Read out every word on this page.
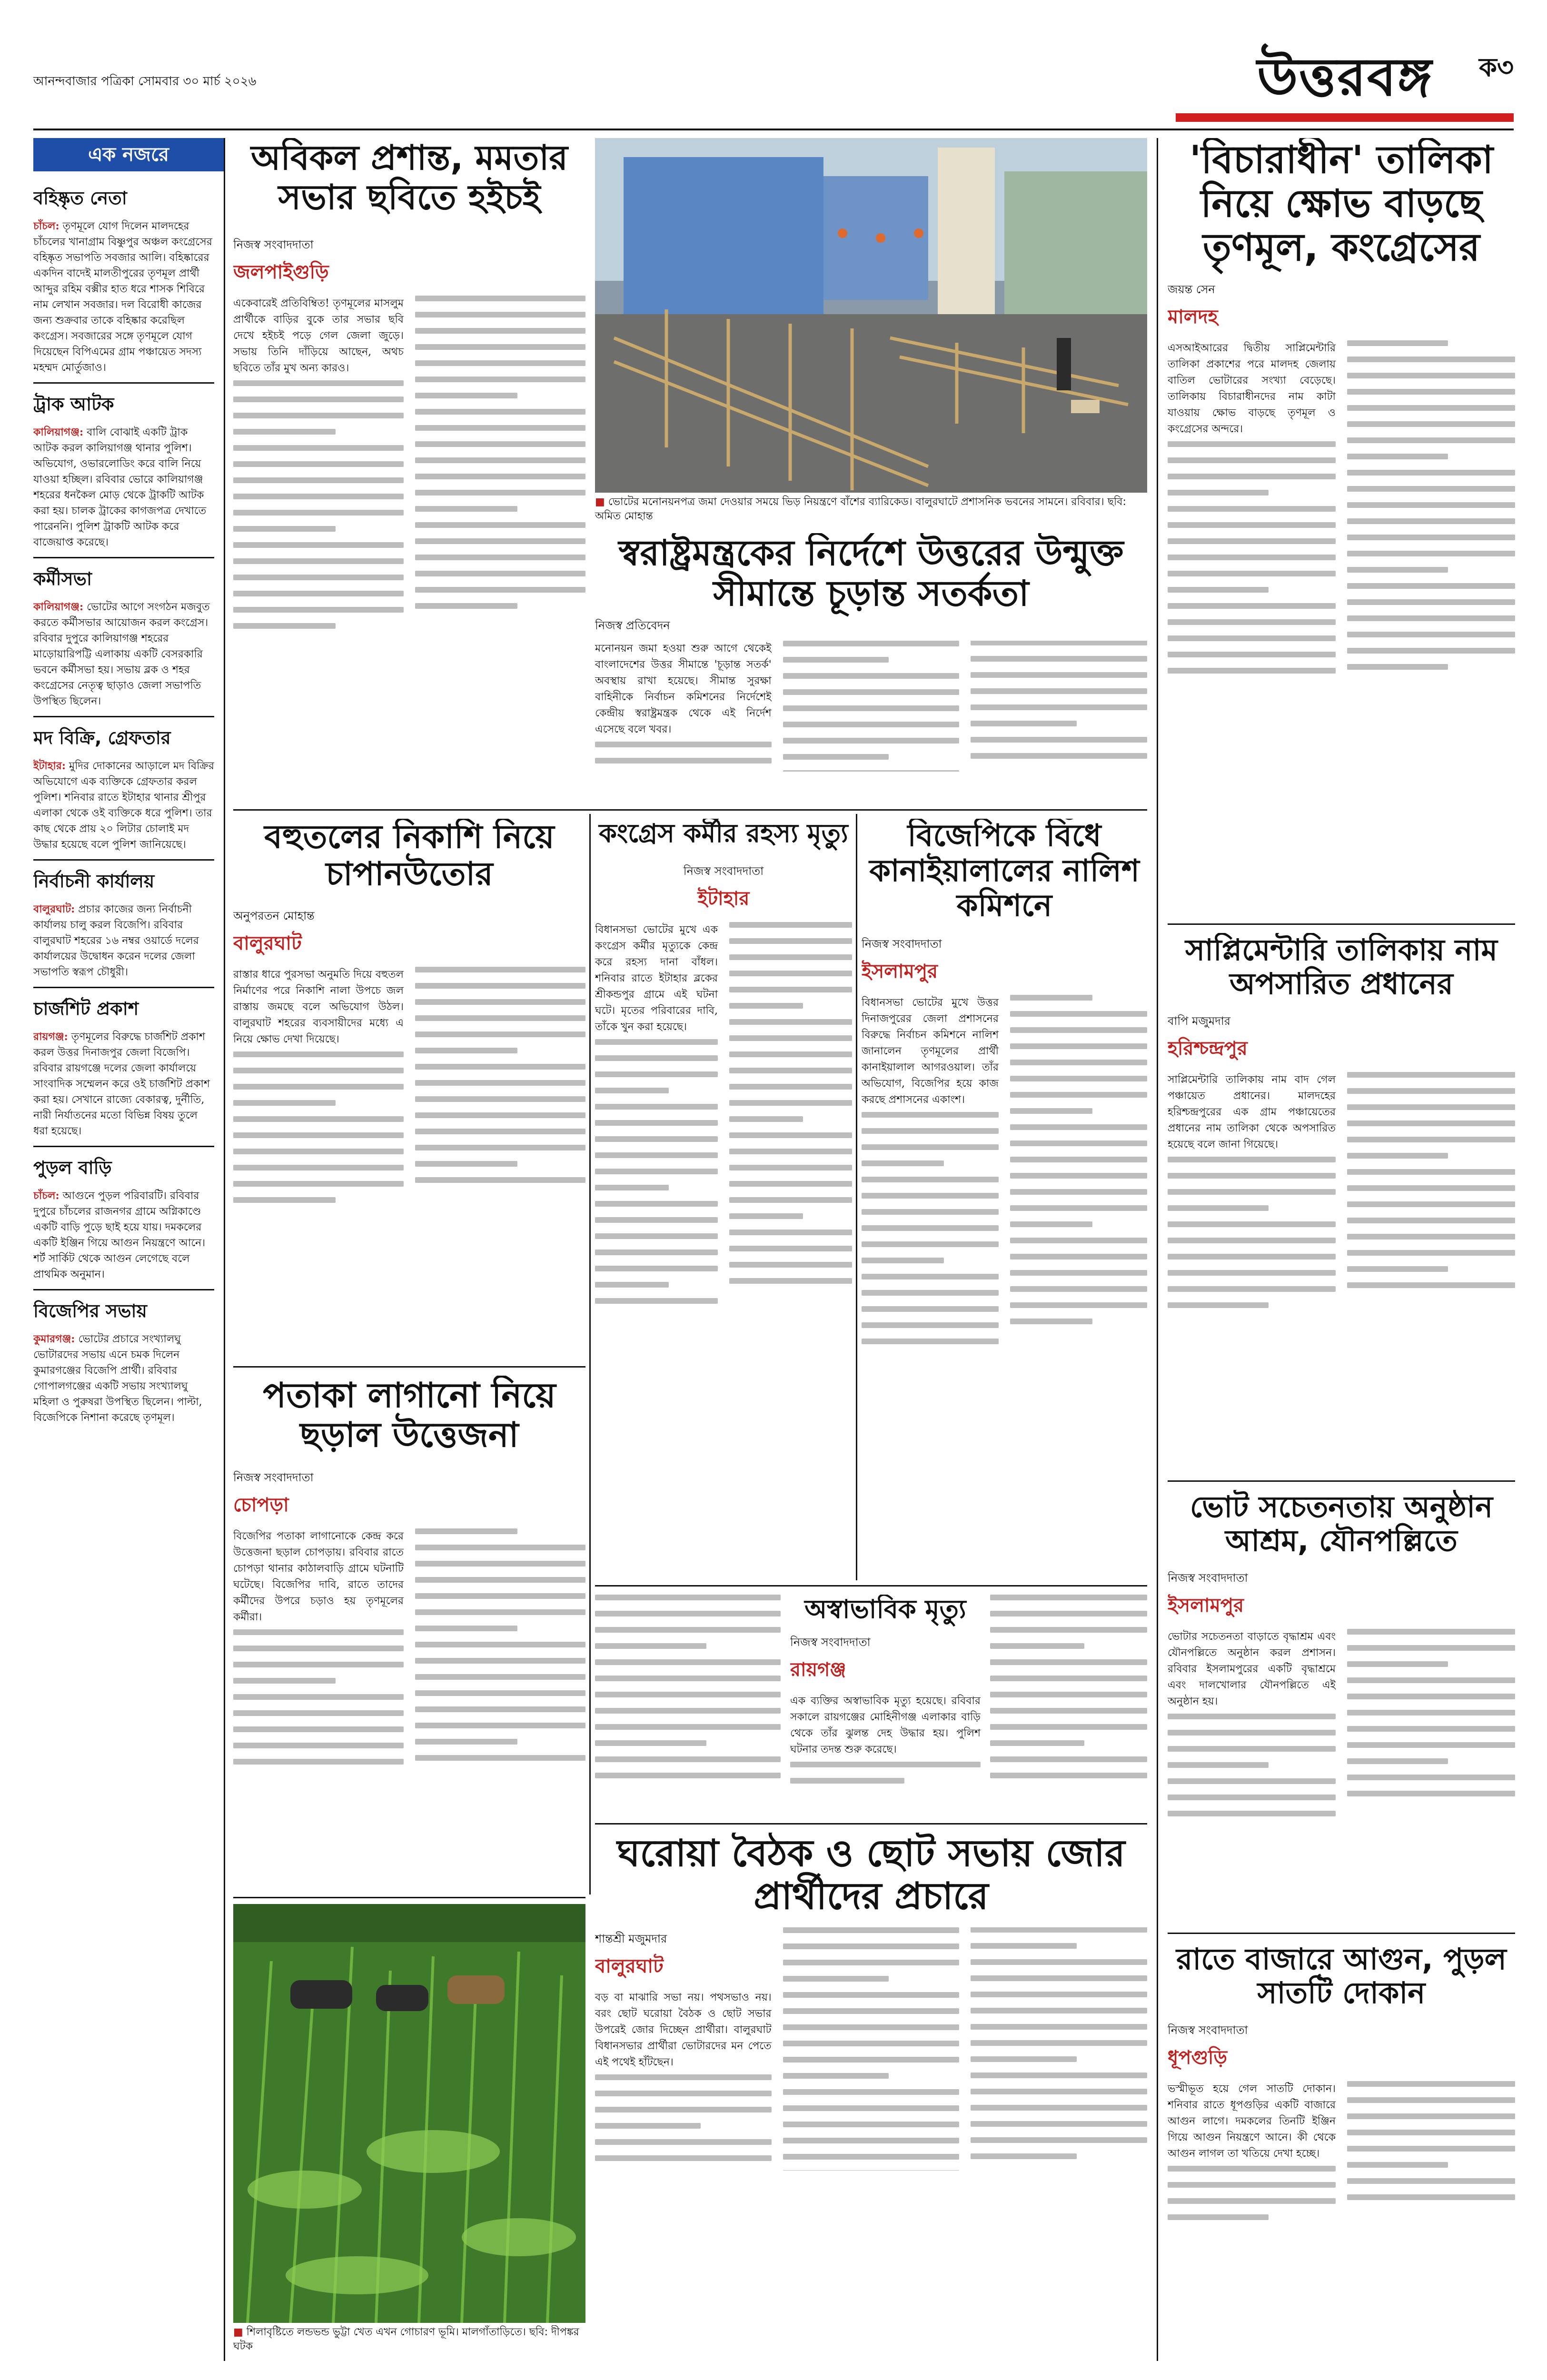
আনন্দবাজার পত্রিকা সোমবার ৩০ মার্চ ২০২৬	উত্তরবঙ্গ ক৩
এক নজরে
বহিষ্কৃত নেতা
চাঁচল: তৃণমূলে যোগ দিলেন মালদহের চাঁচলের খানাগ্রাম বিষ্ণুপুর অঞ্চল কংগ্রেসের বহিষ্কৃত সভাপতি সবজার আলি। বহিষ্কারের একদিন বাদেই মালতীপুরের তৃণমূল প্রার্থী আব্দুর রহিম বক্সীর হাত ধরে শাসক শিবিরে নাম লেখান সবজার। দল বিরোধী কাজের জন্য শুক্রবার তাকে বহিষ্কার করেছিল কংগ্রেস। সবজারের সঙ্গে তৃণমূলে যোগ দিয়েছেন বিপিএমের গ্রাম পঞ্চায়েত সদস্য মহম্মদ মোর্তুজাও।
ট্রাক আটক
কালিয়াগঞ্জ: বালি বোঝাই একটি ট্রাক আটক করল কালিয়াগঞ্জ থানার পুলিশ। অভিযোগ, ওভারলোডিং করে বালি নিয়ে যাওয়া হচ্ছিল। রবিবার ভোরে কালিয়াগঞ্জ শহরের ধনকৈল মোড় থেকে ট্রাকটি আটক করা হয়। চালক ট্রাকের কাগজপত্র দেখাতে পারেননি। পুলিশ ট্রাকটি আটক করে বাজেয়াপ্ত করেছে।
কর্মীসভা
কালিয়াগঞ্জ: ভোটের আগে সংগঠন মজবুত করতে কর্মীসভার আয়োজন করল কংগ্রেস। রবিবার দুপুরে কালিয়াগঞ্জ শহরের মাড়োয়ারিপট্টি এলাকায় একটি বেসরকারি ভবনে কর্মীসভা হয়। সভায় ব্লক ও শহর কংগ্রেসের নেতৃত্ব ছাড়াও জেলা সভাপতি উপস্থিত ছিলেন।
মদ বিক্রি, গ্রেফতার
ইটাহার: মুদির দোকানের আড়ালে মদ বিক্রির অভিযোগে এক ব্যক্তিকে গ্রেফতার করল পুলিশ। শনিবার রাতে ইটাহার থানার শ্রীপুর এলাকা থেকে ওই ব্যক্তিকে ধরে পুলিশ। তার কাছ থেকে প্রায় ২০ লিটার চোলাই মদ উদ্ধার হয়েছে বলে পুলিশ জানিয়েছে।
নির্বাচনী কার্যালয়
বালুরঘাট: প্রচার কাজের জন্য নির্বাচনী কার্যালয় চালু করল বিজেপি। রবিবার বালুরঘাট শহরের ১৬ নম্বর ওয়ার্ডে দলের কার্যালয়ের উদ্বোধন করেন দলের জেলা সভাপতি স্বরূপ চৌধুরী।
চার্জশিট প্রকাশ
রায়গঞ্জ: তৃণমূলের বিরুদ্ধে চার্জশিট প্রকাশ করল উত্তর দিনাজপুর জেলা বিজেপি। রবিবার রায়গঞ্জে দলের জেলা কার্যালয়ে সাংবাদিক সম্মেলন করে ওই চার্জশিট প্রকাশ করা হয়। সেখানে রাজ্যে বেকারত্ব, দুর্নীতি, নারী নির্যাতনের মতো বিভিন্ন বিষয় তুলে ধরা হয়েছে।
পুড়ল বাড়ি
চাঁচল: আগুনে পুড়ল পরিবারটি। রবিবার দুপুরে চাঁচলের রাজনগর গ্রামে অগ্নিকাণ্ডে একটি বাড়ি পুড়ে ছাই হয়ে যায়। দমকলের একটি ইঞ্জিন গিয়ে আগুন নিয়ন্ত্রণে আনে। শর্ট সার্কিট থেকে আগুন লেগেছে বলে প্রাথমিক অনুমান।
বিজেপির সভায়
কুমারগঞ্জ: ভোটের প্রচারে সংখ্যালঘু ভোটারদের সভায় এনে চমক দিলেন কুমারগঞ্জের বিজেপি প্রার্থী। রবিবার গোপালগঞ্জের একটি সভায় সংখ্যালঘু মহিলা ও পুরুষরা উপস্থিত ছিলেন। পাল্টা, বিজেপিকে নিশানা করেছে তৃণমূল।
অবিকল প্রশান্ত, মমতার সভার ছবিতে হইচই
নিজস্ব সংবাদদাতা
জলপাইগুড়ি

একেবারেই প্রতিবিম্বিত! তৃণমূলের মাসলুম প্রার্থীকে বাড়ির বুকে তার সভার ছবি দেখে হইচই পড়ে গেল জেলা জুড়ে। সভায় তিনি দাঁড়িয়ে আছেন, অথচ ছবিতে তাঁর মুখ অন্য কারও।

■ ভোটের মনোনয়নপত্র জমা দেওয়ার সময়ে ভিড় নিয়ন্ত্রণে বাঁশের ব্যারিকেড। বালুরঘাটে প্রশাসনিক ভবনের সামনে। রবিবার। ছবি: অমিত মোহান্ত
স্বরাষ্ট্রমন্ত্রকের নির্দেশে উত্তরের উন্মুক্ত সীমান্তে চূড়ান্ত সতর্কতা
নিজস্ব প্রতিবেদন

মনোনয়ন জমা হওয়া শুরু আগে থেকেই বাংলাদেশের উত্তর সীমান্তে 'চূড়ান্ত সতর্ক' অবস্থায় রাখা হয়েছে। সীমান্ত সুরক্ষা বাহিনীকে নির্বাচন কমিশনের নির্দেশেই কেন্দ্রীয় স্বরাষ্ট্রমন্ত্রক থেকে এই নির্দেশ এসেছে বলে খবর।

বহুতলের নিকাশি নিয়ে চাপানউতোর
অনুপরতন মোহান্ত
বালুরঘাট

রাস্তার ধারে পুরসভা অনুমতি দিয়ে বহুতল নির্মাণের পরে নিকাশি নালা উপচে জল রাস্তায় জমছে বলে অভিযোগ উঠল। বালুরঘাট শহরের ব্যবসায়ীদের মধ্যে এ নিয়ে ক্ষোভ দেখা দিয়েছে।

কংগ্রেস কর্মীর রহস্য মৃত্যু
নিজস্ব সংবাদদাতা
ইটাহার

বিধানসভা ভোটের মুখে এক কংগ্রেস কর্মীর মৃত্যুকে কেন্দ্র করে রহস্য দানা বাঁধল। শনিবার রাতে ইটাহার ব্লকের শ্রীকন্ডপুর গ্রামে এই ঘটনা ঘটে। মৃতের পরিবারের দাবি, তাঁকে খুন করা হয়েছে।

বিজেপিকে বিঁধে কানাইয়ালালের নালিশ কমিশনে
নিজস্ব সংবাদদাতা
ইসলামপুর

বিধানসভা ভোটের মুখে উত্তর দিনাজপুরের জেলা প্রশাসনের বিরুদ্ধে নির্বাচন কমিশনে নালিশ জানালেন তৃণমূলের প্রার্থী কানাইয়ালাল আগরওয়াল। তাঁর অভিযোগ, বিজেপির হয়ে কাজ করছে প্রশাসনের একাংশ।

পতাকা লাগানো নিয়ে ছড়াল উত্তেজনা
নিজস্ব সংবাদদাতা
চোপড়া

বিজেপির পতাকা লাগানোকে কেন্দ্র করে উত্তেজনা ছড়াল চোপড়ায়। রবিবার রাতে চোপড়া থানার কাঠালবাড়ি গ্রামে ঘটনাটি ঘটেছে। বিজেপির দাবি, রাতে তাদের কর্মীদের উপরে চড়াও হয় তৃণমূলের কর্মীরা।	অস্বাভাবিক মৃত্যু
নিজস্ব সংবাদদাতা
রায়গঞ্জ

এক ব্যক্তির অস্বাভাবিক মৃত্যু হয়েছে। রবিবার সকালে রায়গঞ্জের মোহিনীগঞ্জ এলাকার বাড়ি থেকে তাঁর ঝুলন্ত দেহ উদ্ধার হয়। পুলিশ ঘটনার তদন্ত শুরু করেছে।

■ শিলাবৃষ্টিতে লন্ডভন্ড ভুট্টা খেত এখন গোচারণ ভূমি। মালগাঁতাড়িতে। ছবি: দীপঙ্কর ঘটক
ঘরোয়া বৈঠক ও ছোট সভায় জোর প্রার্থীদের প্রচারে
শান্তশ্রী মজুমদার
বালুরঘাট

বড় বা মাঝারি সভা নয়। পথসভাও নয়। বরং ছোট ঘরোয়া বৈঠক ও ছোট সভার উপরেই জোর দিচ্ছেন প্রার্থীরা। বালুরঘাট বিধানসভার প্রার্থীরা ভোটারদের মন পেতে এই পথেই হাঁটছেন।

'বিচারাধীন' তালিকা নিয়ে ক্ষোভ বাড়ছে তৃণমূল, কংগ্রেসের
জয়ন্ত সেন
মালদহ

এসআইআরের দ্বিতীয় সাপ্লিমেন্টারি তালিকা প্রকাশের পরে মালদহ জেলায় বাতিল ভোটারের সংখ্যা বেড়েছে। তালিকায় বিচারাধীনদের নাম কাটা যাওয়ায় ক্ষোভ বাড়ছে তৃণমূল ও কংগ্রেসের অন্দরে।

সাপ্লিমেন্টারি তালিকায় নাম অপসারিত প্রধানের
বাপি মজুমদার
হরিশ্চন্দ্রপুর

সাপ্লিমেন্টারি তালিকায় নাম বাদ গেল পঞ্চায়েত প্রধানের। মালদহের হরিশ্চন্দ্রপুরের এক গ্রাম পঞ্চায়েতের প্রধানের নাম তালিকা থেকে অপসারিত হয়েছে বলে জানা গিয়েছে।

ভোট সচেতনতায় অনুষ্ঠান আশ্রম, যৌনপল্লিতে
নিজস্ব সংবাদদাতা
ইসলামপুর

ভোটার সচেতনতা বাড়াতে বৃদ্ধাশ্রম এবং যৌনপল্লিতে অনুষ্ঠান করল প্রশাসন। রবিবার ইসলামপুরের একটি বৃদ্ধাশ্রমে এবং দালখোলার যৌনপল্লিতে এই অনুষ্ঠান হয়।

রাতে বাজারে আগুন, পুড়ল সাতটি দোকান
নিজস্ব সংবাদদাতা
ধূপগুড়ি

ভস্মীভূত হয়ে গেল সাতটি দোকান। শনিবার রাতে ধূপগুড়ির একটি বাজারে আগুন লাগে। দমকলের তিনটি ইঞ্জিন গিয়ে আগুন নিয়ন্ত্রণে আনে। কী থেকে আগুন লাগল তা খতিয়ে দেখা হচ্ছে।
